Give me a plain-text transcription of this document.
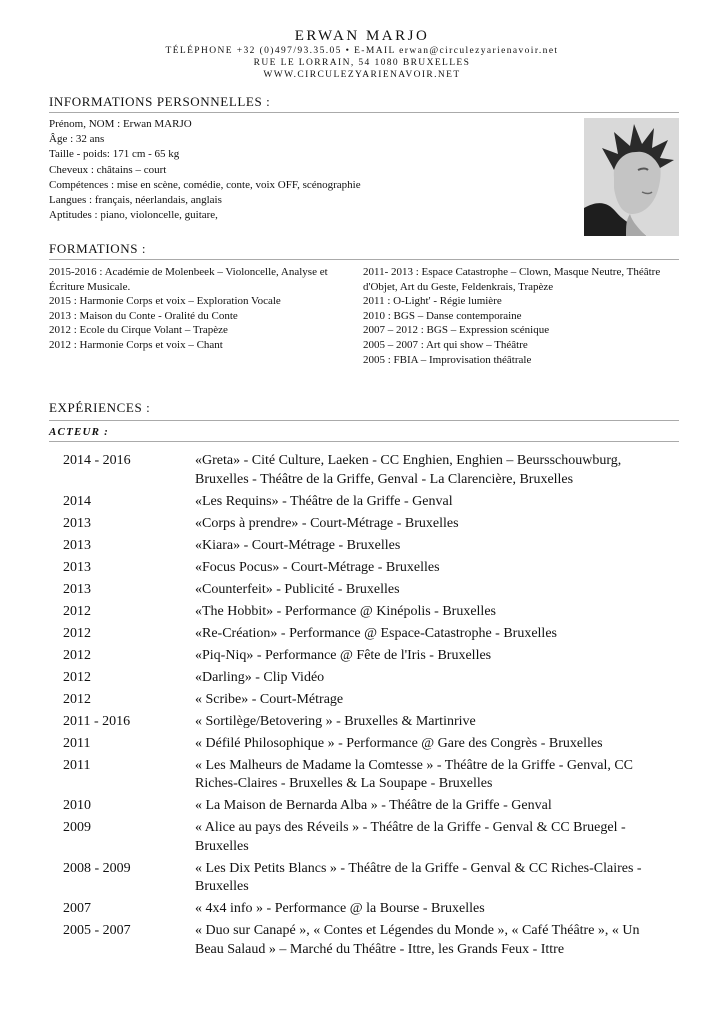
ERWAN MARJO
TÉLÉPHONE +32 (0)497/93.35.05 • E-MAIL erwan@circulezyarienavoir.net
RUE LE LORRAIN, 54 1080 BRUXELLES
WWW.CIRCULEZYARIENAVOIR.NET
INFORMATIONS PERSONNELLES :
Prénom, NOM : Erwan MARJO
Âge : 32 ans
Taille - poids: 171 cm - 65 kg
Cheveux : châtains – court
Compétences : mise en scène, comédie, conte, voix OFF, scénographie
Langues : français, néerlandais, anglais
Aptitudes : piano, violoncelle, guitare,
FORMATIONS :
2015-2016 : Académie de Molenbeek – Violoncelle, Analyse et Écriture Musicale.
2015 : Harmonie Corps et voix – Exploration Vocale
2013 : Maison du Conte - Oralité du Conte
2012 : Ecole du Cirque Volant – Trapèze
2012 : Harmonie Corps et voix – Chant
2011- 2013 : Espace Catastrophe – Clown, Masque Neutre, Théâtre d'Objet, Art du Geste, Feldenkrais, Trapèze
2011 : O-Light' - Régie lumière
2010 : BGS – Danse contemporaine
2007 – 2012 : BGS – Expression scénique
2005 – 2007 : Art qui show – Théâtre
2005 : FBIA – Improvisation théâtrale
EXPÉRIENCES :
ACTEUR :
2014 - 2016	«Greta» - Cité Culture, Laeken - CC Enghien, Enghien – Beursschouwburg, Bruxelles - Théâtre de la Griffe, Genval - La Clarencière, Bruxelles
2014	«Les Requins» - Théâtre de la Griffe - Genval
2013	«Corps à prendre» - Court-Métrage - Bruxelles
2013	«Kiara» - Court-Métrage - Bruxelles
2013	«Focus Pocus» - Court-Métrage - Bruxelles
2013	«Counterfeit» - Publicité - Bruxelles
2012	«The Hobbit» - Performance @ Kinépolis - Bruxelles
2012	«Re-Création» - Performance @ Espace-Catastrophe - Bruxelles
2012	«Piq-Niq» - Performance @ Fête de l'Iris - Bruxelles
2012	«Darling» - Clip Vidéo
2012	« Scribe» - Court-Métrage
2011 - 2016	« Sortilège/Betovering » - Bruxelles & Martinrive
2011	« Défilé Philosophique » - Performance @ Gare des Congrès - Bruxelles
2011	« Les Malheurs de Madame la Comtesse » - Théâtre de la Griffe - Genval, CC Riches-Claires - Bruxelles & La Soupape - Bruxelles
2010	« La Maison de Bernarda Alba » - Théâtre de la Griffe - Genval
2009	« Alice au pays des Réveils » - Théâtre de la Griffe - Genval & CC Bruegel - Bruxelles
2008 - 2009	« Les Dix Petits Blancs » - Théâtre de la Griffe - Genval & CC Riches-Claires - Bruxelles
2007	« 4x4 info » - Performance @ la Bourse - Bruxelles
2005 - 2007	« Duo sur Canapé », « Contes et Légendes du Monde », « Café Théâtre », « Un Beau Salaud » – Marché du Théâtre - Ittre, les Grands Feux - Ittre
